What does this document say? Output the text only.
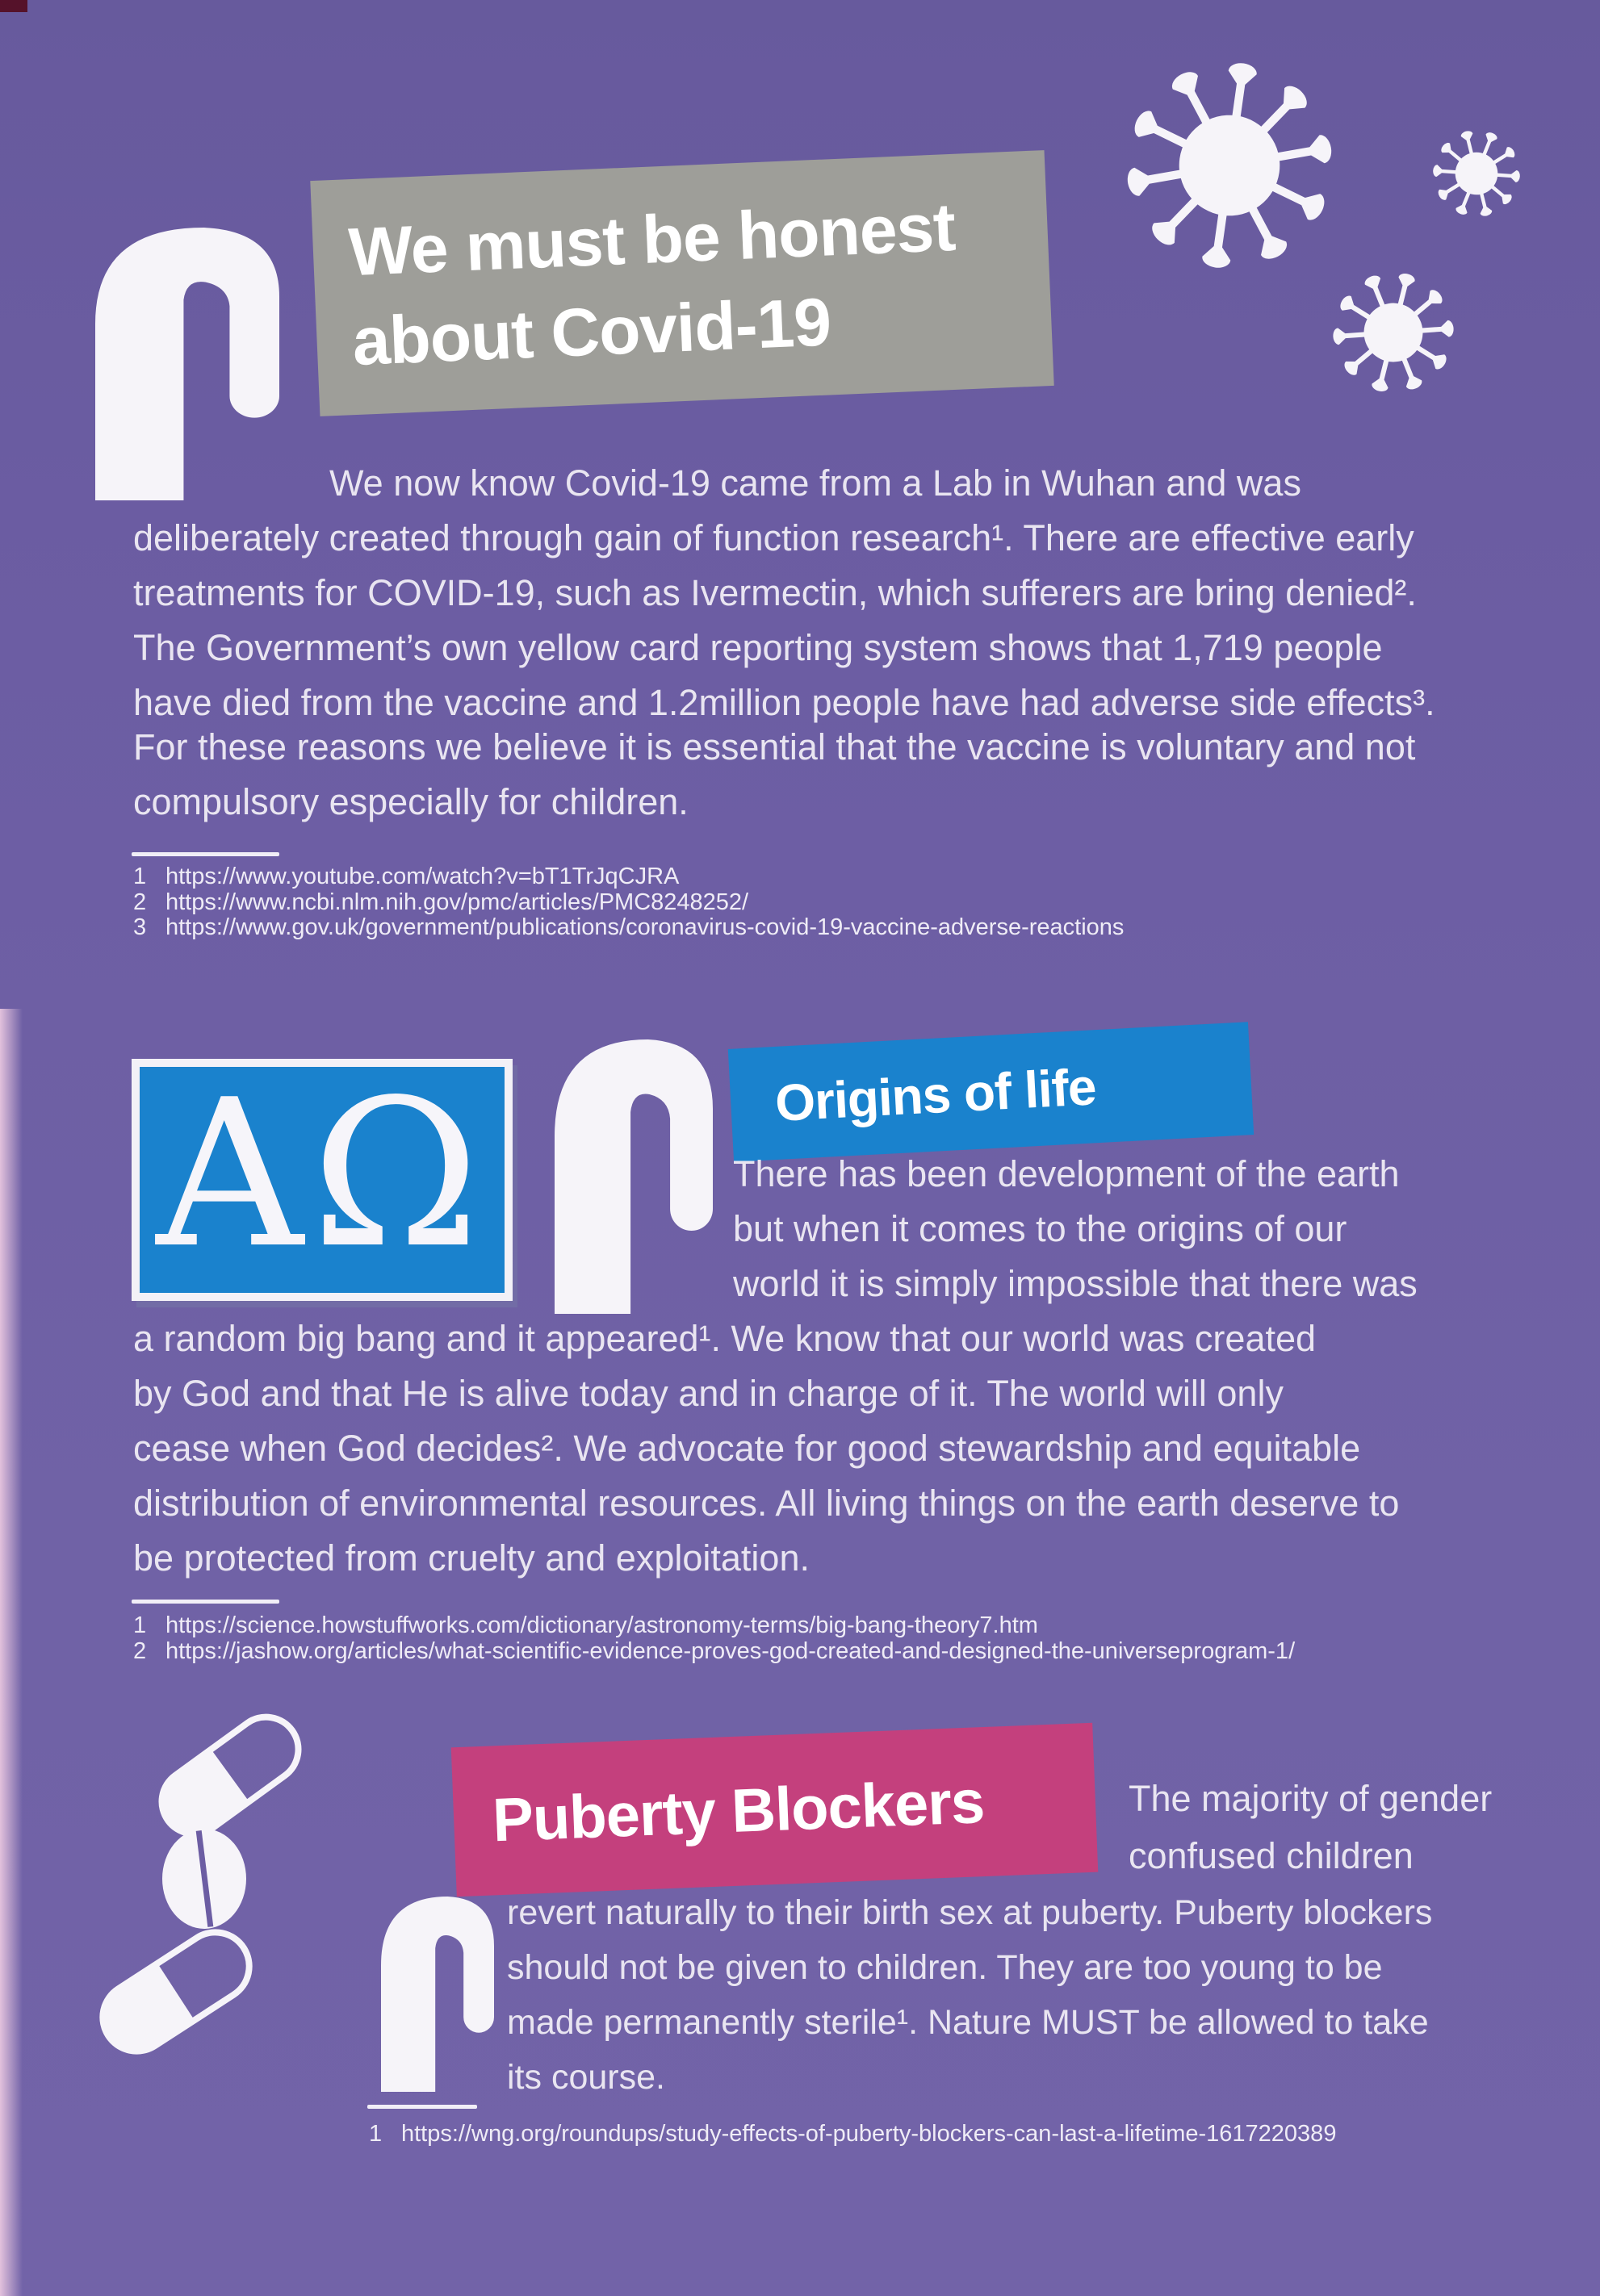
We must be honest
about Covid-19
We now know Covid-19 came from a Lab in Wuhan and was
deliberately created through gain of function research¹. There are effective early
treatments for COVID-19, such as Ivermectin, which sufferers are bring denied².
The Government’s own yellow card reporting system shows that 1,719 people
have died from the vaccine and 1.2million people have had adverse side effects³.
For these reasons we believe it is essential that the vaccine is voluntary and not
compulsory especially for children.
1 https://www.youtube.com/watch?v=bT1TrJqCJRA
2 https://www.ncbi.nlm.nih.gov/pmc/articles/PMC8248252/
3 https://www.gov.uk/government/publications/coronavirus-covid-19-vaccine-adverse-reactions
ΑΩ	Origins of life
There has been development of the earth
but when it comes to the origins of our
world it is simply impossible that there was
a random big bang and it appeared¹. We know that our world was created
by God and that He is alive today and in charge of it. The world will only
cease when God decides². We advocate for good stewardship and equitable
distribution of environmental resources. All living things on the earth deserve to
be protected from cruelty and exploitation.
1 https://science.howstuffworks.com/dictionary/astronomy-terms/big-bang-theory7.htm
2 https://jashow.org/articles/what-scientific-evidence-proves-god-created-and-designed-the-universeprogram-1/
Puberty Blockers	The majority of gender
confused children
revert naturally to their birth sex at puberty. Puberty blockers
should not be given to children. They are too young to be
made permanently sterile¹. Nature MUST be allowed to take
its course.
1 https://wng.org/roundups/study-effects-of-puberty-blockers-can-last-a-lifetime-1617220389
